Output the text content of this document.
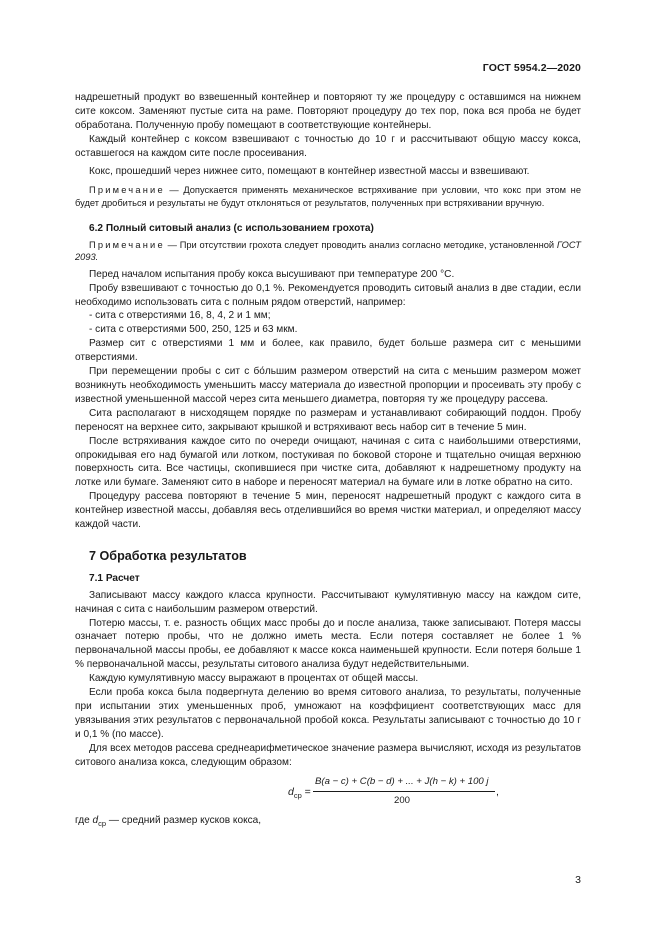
ГОСТ 5954.2—2020

надрешетный продукт во взвешенный контейнер и повторяют ту же процедуру с оставшимся на нижнем сите коксом. Заменяют пустые сита на раме. Повторяют процедуру до тех пор, пока вся проба не будет обработана. Полученную пробу помещают в соответствующие контейнеры.

Каждый контейнер с коксом взвешивают с точностью до 10 г и рассчитывают общую массу кокса, оставшегося на каждом сите после просеивания.

Кокс, прошедший через нижнее сито, помещают в контейнер известной массы и взвешивают.

Примечание — Допускается применять механическое встряхивание при условии, что кокс при этом не будет дробиться и результаты не будут отклоняться от результатов, полученных при встряхивании вручную.

6.2 Полный ситовый анализ (с использованием грохота)

Примечание — При отсутствии грохота следует проводить анализ согласно методике, установленной ГОСТ 2093.

Перед началом испытания пробу кокса высушивают при температуре 200 °C.

Пробу взвешивают с точностью до 0,1 %. Рекомендуется проводить ситовый анализ в две стадии, если необходимо использовать сита с полным рядом отверстий, например:

- сита с отверстиями 16, 8, 4, 2 и 1 мм;

- сита с отверстиями 500, 250, 125 и 63 мкм.

Размер сит с отверстиями 1 мм и более, как правило, будет больше размера сит с меньшими отверстиями.

При перемещении пробы с сит с бо́льшим размером отверстий на сита с меньшим размером может возникнуть необходимость уменьшить массу материала до известной пропорции и просеивать эту пробу с известной уменьшенной массой через сита меньшего диаметра, повторяя ту же процедуру рассева.

Сита располагают в нисходящем порядке по размерам и устанавливают собирающий поддон. Пробу переносят на верхнее сито, закрывают крышкой и встряхивают весь набор сит в течение 5 мин.

После встряхивания каждое сито по очереди очищают, начиная с сита с наибольшими отверстиями, опрокидывая его над бумагой или лотком, постукивая по боковой стороне и тщательно очищая верхнюю поверхность сита. Все частицы, скопившиеся при чистке сита, добавляют к надрешетному продукту на лотке или бумаге. Заменяют сито в наборе и переносят материал на бумаге или в лотке обратно на сито.

Процедуру рассева повторяют в течение 5 мин, переносят надрешетный продукт с каждого сита в контейнер известной массы, добавляя весь отделившийся во время чистки материал, и определяют массу каждой части.

7 Обработка результатов
7.1 Расчет

Записывают массу каждого класса крупности. Рассчитывают кумулятивную массу на каждом сите, начиная с сита с наибольшим размером отверстий.

Потерю массы, т. е. разность общих масс пробы до и после анализа, также записывают. Потеря массы означает потерю пробы, что не должно иметь места. Если потеря составляет не более 1 % первоначальной массы пробы, ее добавляют к массе кокса наименьшей крупности. Если потеря больше 1 % первоначальной массы, результаты ситового анализа будут недействительными.

Каждую кумулятивную массу выражают в процентах от общей массы.

Если проба кокса была подвергнута делению во время ситового анализа, то результаты, полученные при испытании этих уменьшенных проб, умножают на коэффициент соответствующих масс для увязывания этих результатов с первоначальной пробой кокса. Результаты записывают с точностью до 10 г и 0,1 % (по массе).

Для всех методов рассева среднеарифметическое значение размера вычисляют, исходя из результатов ситового анализа кокса, следующим образом:

$d_{ср}$ =
B(a − c) + C(b − d) + ... + J(h − k) + 100 j
200
,

где $d_{ср}$ — средний размер кусков кокса,

3
